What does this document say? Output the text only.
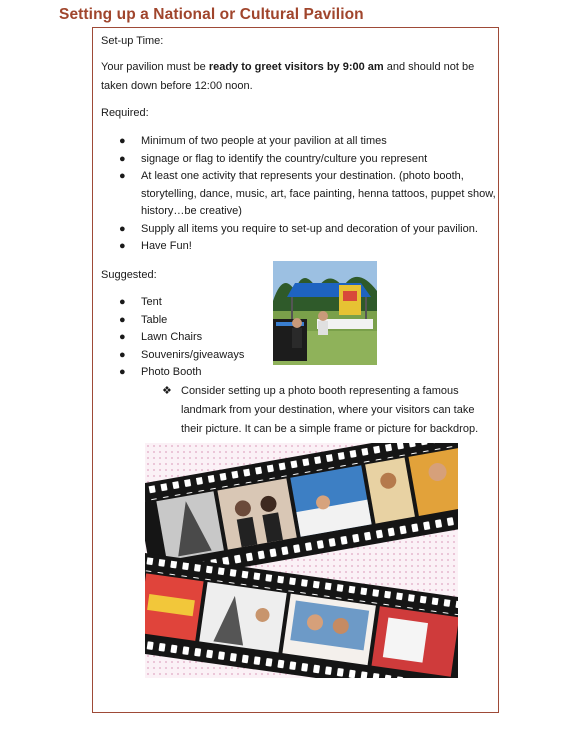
Setting up a National or Cultural Pavilion
Set-up Time:
Your pavilion must be ready to greet visitors by 9:00 am and should not be taken down before 12:00 noon.
Required:
● Minimum of two people at your pavilion at all times
● signage or flag to identify the country/culture you represent
● At least one activity that represents your destination. (photo booth, storytelling, dance, music, art, face painting, henna tattoos, puppet show, history…be creative)
● Supply all items you require to set-up and decoration of your pavilion.
● Have Fun!
Suggested:
● Tent
● Table
● Lawn Chairs
● Souvenirs/giveaways
● Photo Booth
❖ Consider setting up a photo booth representing a famous landmark from your destination, where your visitors can take their picture. It can be a simple frame or picture for backdrop.
